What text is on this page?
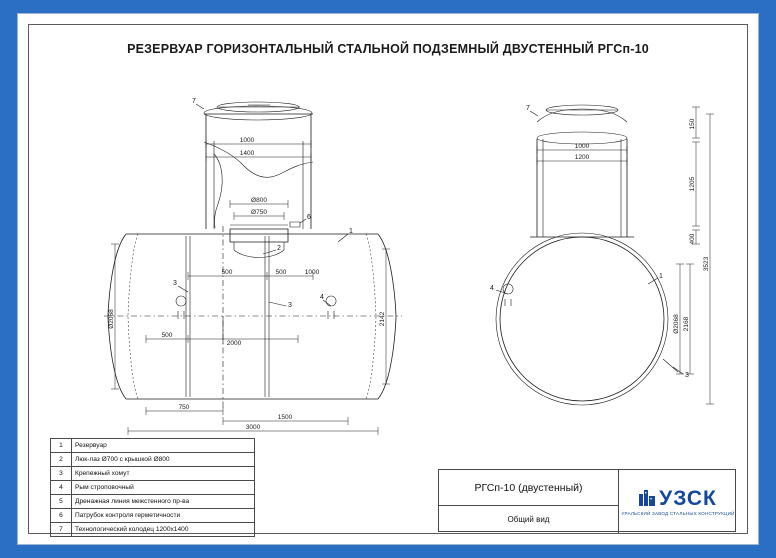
РЕЗЕРВУАР ГОРИЗОНТАЛЬНЫЙ СТАЛЬНОЙ ПОДЗЕМНЫЙ ДВУСТЕННЫЙ РГСп-10
1000
1400
Ø800
Ø750
500	500	1000
500
2000
750
1500
3000
Ø2068	2142
7
6
2
1
3
3
4
1000
1200
150
1205
400
3523
Ø2068 2168
7
1
4
3
1	Резервуар
2	Люк-лаз Ø700 с крышкой Ø800
3	Крепежный хомут
4	Рым строповочный
5	Дренажная линия межстенного пр-ва
6	Патрубок контроля герметичности
7	Технологический колодец 1200х1400
РГСп-10 (двустенный)
Общий вид
УЗСК
УРАЛЬСКИЙ ЗАВОД СТАЛЬНЫХ КОНСТРУКЦИЙ
